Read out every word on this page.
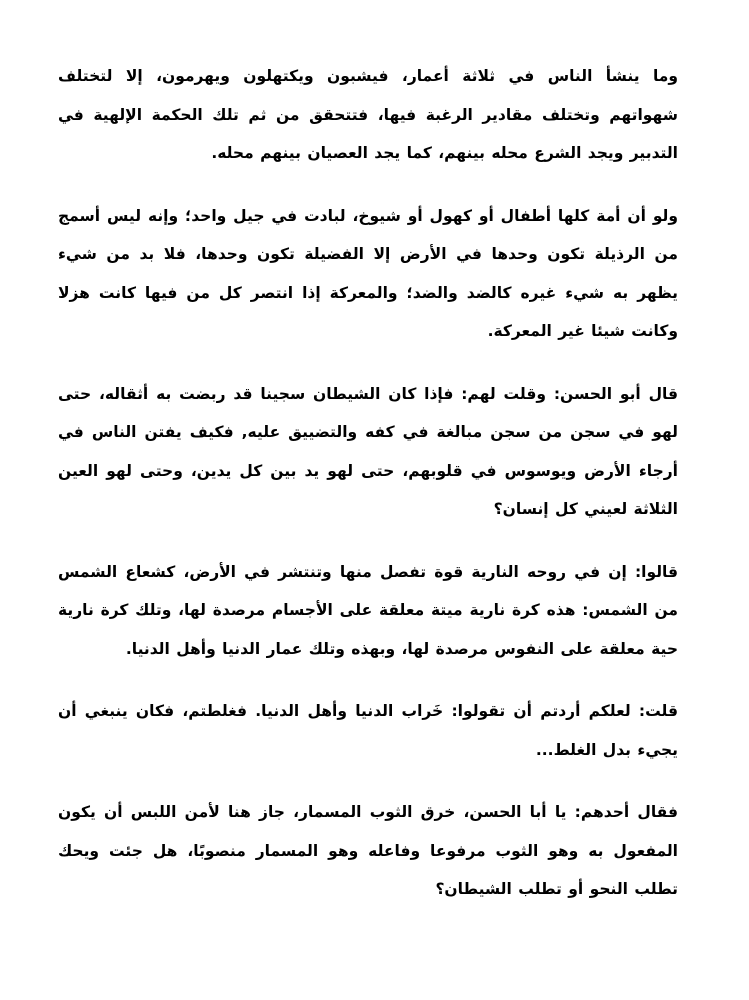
وما ينشأ الناس في ثلاثة أعمار، فيشبون ويكتهلون ويهرمون، إلا لتختلف شهواتهم وتختلف مقادير الرغبة فيها، فتتحقق من ثم تلك الحكمة الإلهية في التدبير ويجد الشرع محله بينهم، كما يجد العصيان بينهم محله.

ولو أن أمة كلها أطفال أو كهول أو شيوخ، لبادت في جيل واحد؛ وإنه ليس أسمج من الرذيلة تكون وحدها في الأرض إلا الفضيلة تكون وحدها، فلا بد من شيء يظهر به شيء غيره كالضد والضد؛ والمعركة إذا انتصر كل من فيها كانت هزلا وكانت شيئا غير المعركة.

قال أبو الحسن: وقلت لهم: فإذا كان الشيطان سجينا قد ربضت به أثقاله، حتى لهو في سجن من سجن مبالغة في كفه والتضييق عليه, فكيف يفتن الناس في أرجاء الأرض ويوسوس في قلوبهم، حتى لهو يد بين كل يدين، وحتى لهو العين الثلاثة لعيني كل إنسان؟

قالوا: إن في روحه النارية قوة تفصل منها وتنتشر في الأرض، كشعاع الشمس من الشمس: هذه كرة نارية ميتة معلقة على الأجسام مرصدة لها، وتلك كرة نارية حية معلقة على النفوس مرصدة لها، وبهذه وتلك عمار الدنيا وأهل الدنيا.

قلت: لعلكم أردتم أن تقولوا: خَراب الدنيا وأهل الدنيا. فغلطتم، فكان ينبغي أن يجيء بدل الغلط...

فقال أحدهم: يا أبا الحسن، خرق الثوب المسمار، جاز هنا لأمن اللبس أن يكون المفعول به وهو الثوب مرفوعا وفاعله وهو المسمار منصوبًا، هل جئت ويحك تطلب النحو أو تطلب الشيطان؟
